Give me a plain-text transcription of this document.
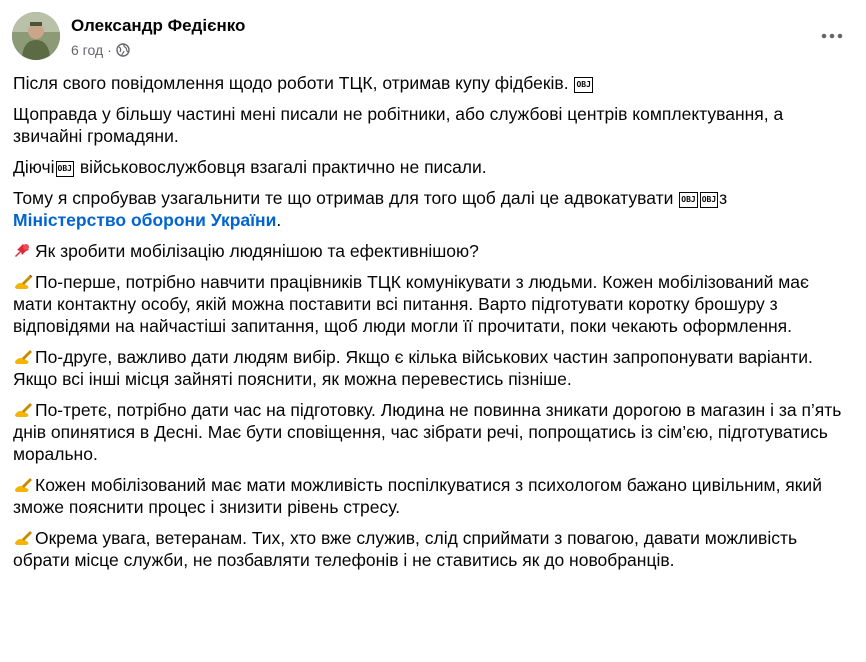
Олександр Федієнко
6 год ·

Після свого повідомлення щодо роботи ТЦК, отримав купу фідбеків. OBJ

Щоправда у більшу частині мені писали не робітники, або службові центрів комплектування, а звичайні громадяни.

Діючі OBJ військовослужбовця взагалі практично не писали.

Тому я спробував узагальнити те що отримав для того щоб далі це адвокатувати OBJ OBJ з Міністерство оборони України.

Як зробити мобілізацію людянішою та ефективнішою?

По-перше, потрібно навчити працівників ТЦК комунікувати з людьми. Кожен мобілізований має мати контактну особу, якій можна поставити всі питання. Варто підготувати коротку брошуру з відповідями на найчастіші запитання, щоб люди могли її прочитати, поки чекають оформлення.

По-друге, важливо дати людям вибір. Якщо є кілька військових частин запропонувати варіанти. Якщо всі інші місця зайняті пояснити, як можна перевестись пізніше.

По-третє, потрібно дати час на підготовку. Людина не повинна зникати дорогою в магазин і за п’ять днів опинятися в Десні. Має бути сповіщення, час зібрати речі, попрощатись із сім’єю, підготуватись морально.

Кожен мобілізований має мати можливість поспілкуватися з психологом бажано цивільним, який зможе пояснити процес і знизити рівень стресу.

Окрема увага, ветеранам. Тих, хто вже служив, слід сприймати з повагою, давати можливість обрати місце служби, не позбавляти телефонів і не ставитись як до новобранців.
